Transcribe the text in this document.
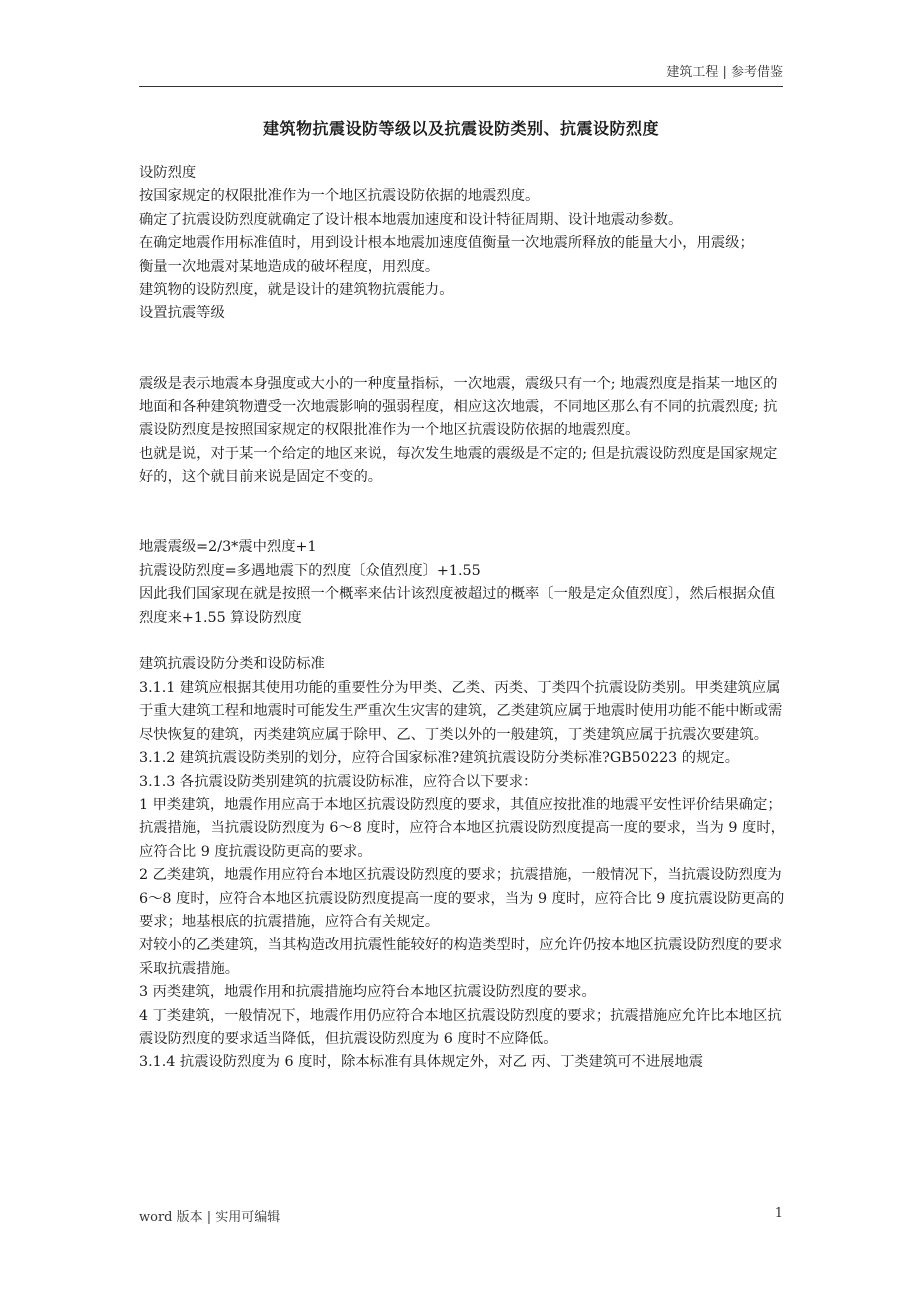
建筑工程 | 参考借鉴
建筑物抗震设防等级以及抗震设防类别、抗震设防烈度

设防烈度

按国家规定的权限批准作为一个地区抗震设防依据的地震烈度。

确定了抗震设防烈度就确定了设计根本地震加速度和设计特征周期、设计地震动参数。

在确定地震作用标准值时，用到设计根本地震加速度值衡量一次地震所释放的能量大小，用震级；

衡量一次地震对某地造成的破坏程度，用烈度。

建筑物的设防烈度，就是设计的建筑物抗震能力。

设置抗震等级

震级是表示地震本身强度或大小的一种度量指标，一次地震，震级只有一个; 地震烈度是指某一地区的地面和各种建筑物遭受一次地震影响的强弱程度，相应这次地震，不同地区那么有不同的抗震烈度; 抗震设防烈度是按照国家规定的权限批准作为一个地区抗震设防依据的地震烈度。

也就是说，对于某一个给定的地区来说，每次发生地震的震级是不定的; 但是抗震设防烈度是国家规定好的，这个就目前来说是固定不变的。

地震震级=2/3*震中烈度+1

抗震设防烈度=多遇地震下的烈度〔众值烈度〕+1.55

因此我们国家现在就是按照一个概率来估计该烈度被超过的概率〔一般是定众值烈度〕，然后根据众值烈度来+1.55 算设防烈度

建筑抗震设防分类和设防标准

3.1.1 建筑应根据其使用功能的重要性分为甲类、乙类、丙类、丁类四个抗震设防类别。甲类建筑应属于重大建筑工程和地震时可能发生严重次生灾害的建筑，乙类建筑应属于地震时使用功能不能中断或需尽快恢复的建筑，丙类建筑应属于除甲、乙、丁类以外的一般建筑，丁类建筑应属于抗震次要建筑。

3.1.2 建筑抗震设防类别的划分，应符合国家标准?建筑抗震设防分类标准?GB50223 的规定。

3.1.3 各抗震设防类别建筑的抗震设防标准，应符合以下要求：

1 甲类建筑，地震作用应高于本地区抗震设防烈度的要求，其值应按批准的地震平安性评价结果确定；抗震措施，当抗震设防烈度为 6～8 度时，应符合本地区抗震设防烈度提高一度的要求，当为 9 度时，应符合比 9 度抗震设防更高的要求。

2 乙类建筑，地震作用应符台本地区抗震设防烈度的要求；抗震措施，一般情况下，当抗震设防烈度为 6～8 度时，应符合本地区抗震设防烈度提高一度的要求，当为 9 度时，应符合比 9 度抗震设防更高的要求；地基根底的抗震措施，应符合有关规定。

对较小的乙类建筑，当其构造改用抗震性能较好的构造类型时，应允许仍按本地区抗震设防烈度的要求采取抗震措施。

3 丙类建筑，地震作用和抗震措施均应符台本地区抗震设防烈度的要求。

4 丁类建筑，一般情况下，地震作用仍应符合本地区抗震设防烈度的要求；抗震措施应允许比本地区抗震设防烈度的要求适当降低，但抗震设防烈度为 6 度时不应降低。

3.1.4 抗震设防烈度为 6 度时，除本标准有具体规定外，对乙 丙、丁类建筑可不进展地震

word 版本 | 实用可编辑	1
